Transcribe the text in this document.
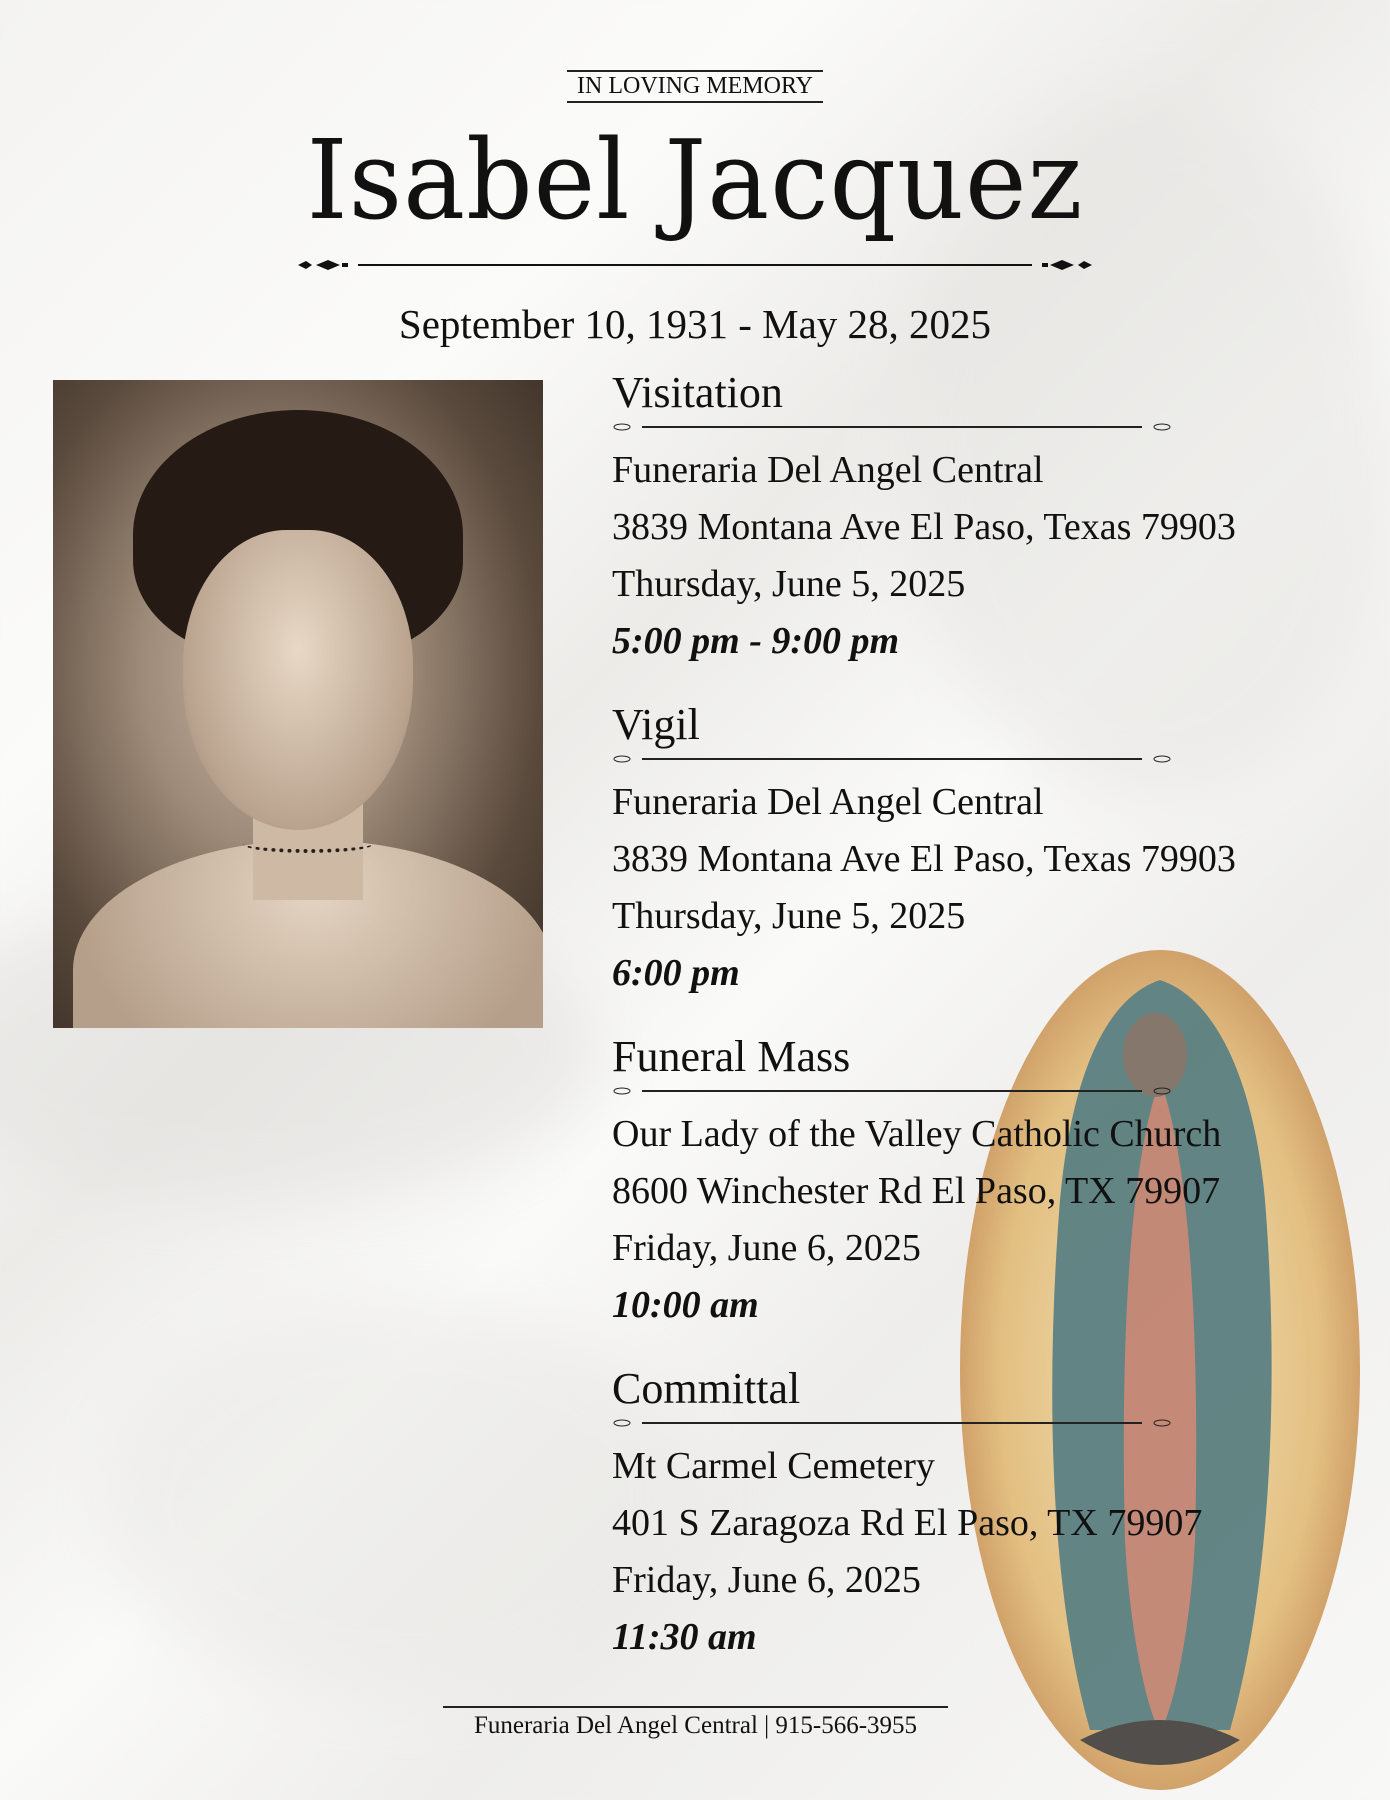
IN LOVING MEMORY
Isabel Jacquez
September 10, 1931 - May 28, 2025
Visitation
Funeraria Del Angel Central
3839 Montana Ave El Paso, Texas 79903
Thursday, June 5, 2025
5:00 pm - 9:00 pm
Vigil
Funeraria Del Angel Central
3839 Montana Ave El Paso, Texas 79903
Thursday, June 5, 2025
6:00 pm
Funeral Mass
Our Lady of the Valley Catholic Church
8600 Winchester Rd El Paso, TX 79907
Friday, June 6, 2025
10:00 am
Committal
Mt Carmel Cemetery
401 S Zaragoza Rd El Paso, TX 79907
Friday, June 6, 2025
11:30 am
Funeraria Del Angel Central | 915-566-3955
